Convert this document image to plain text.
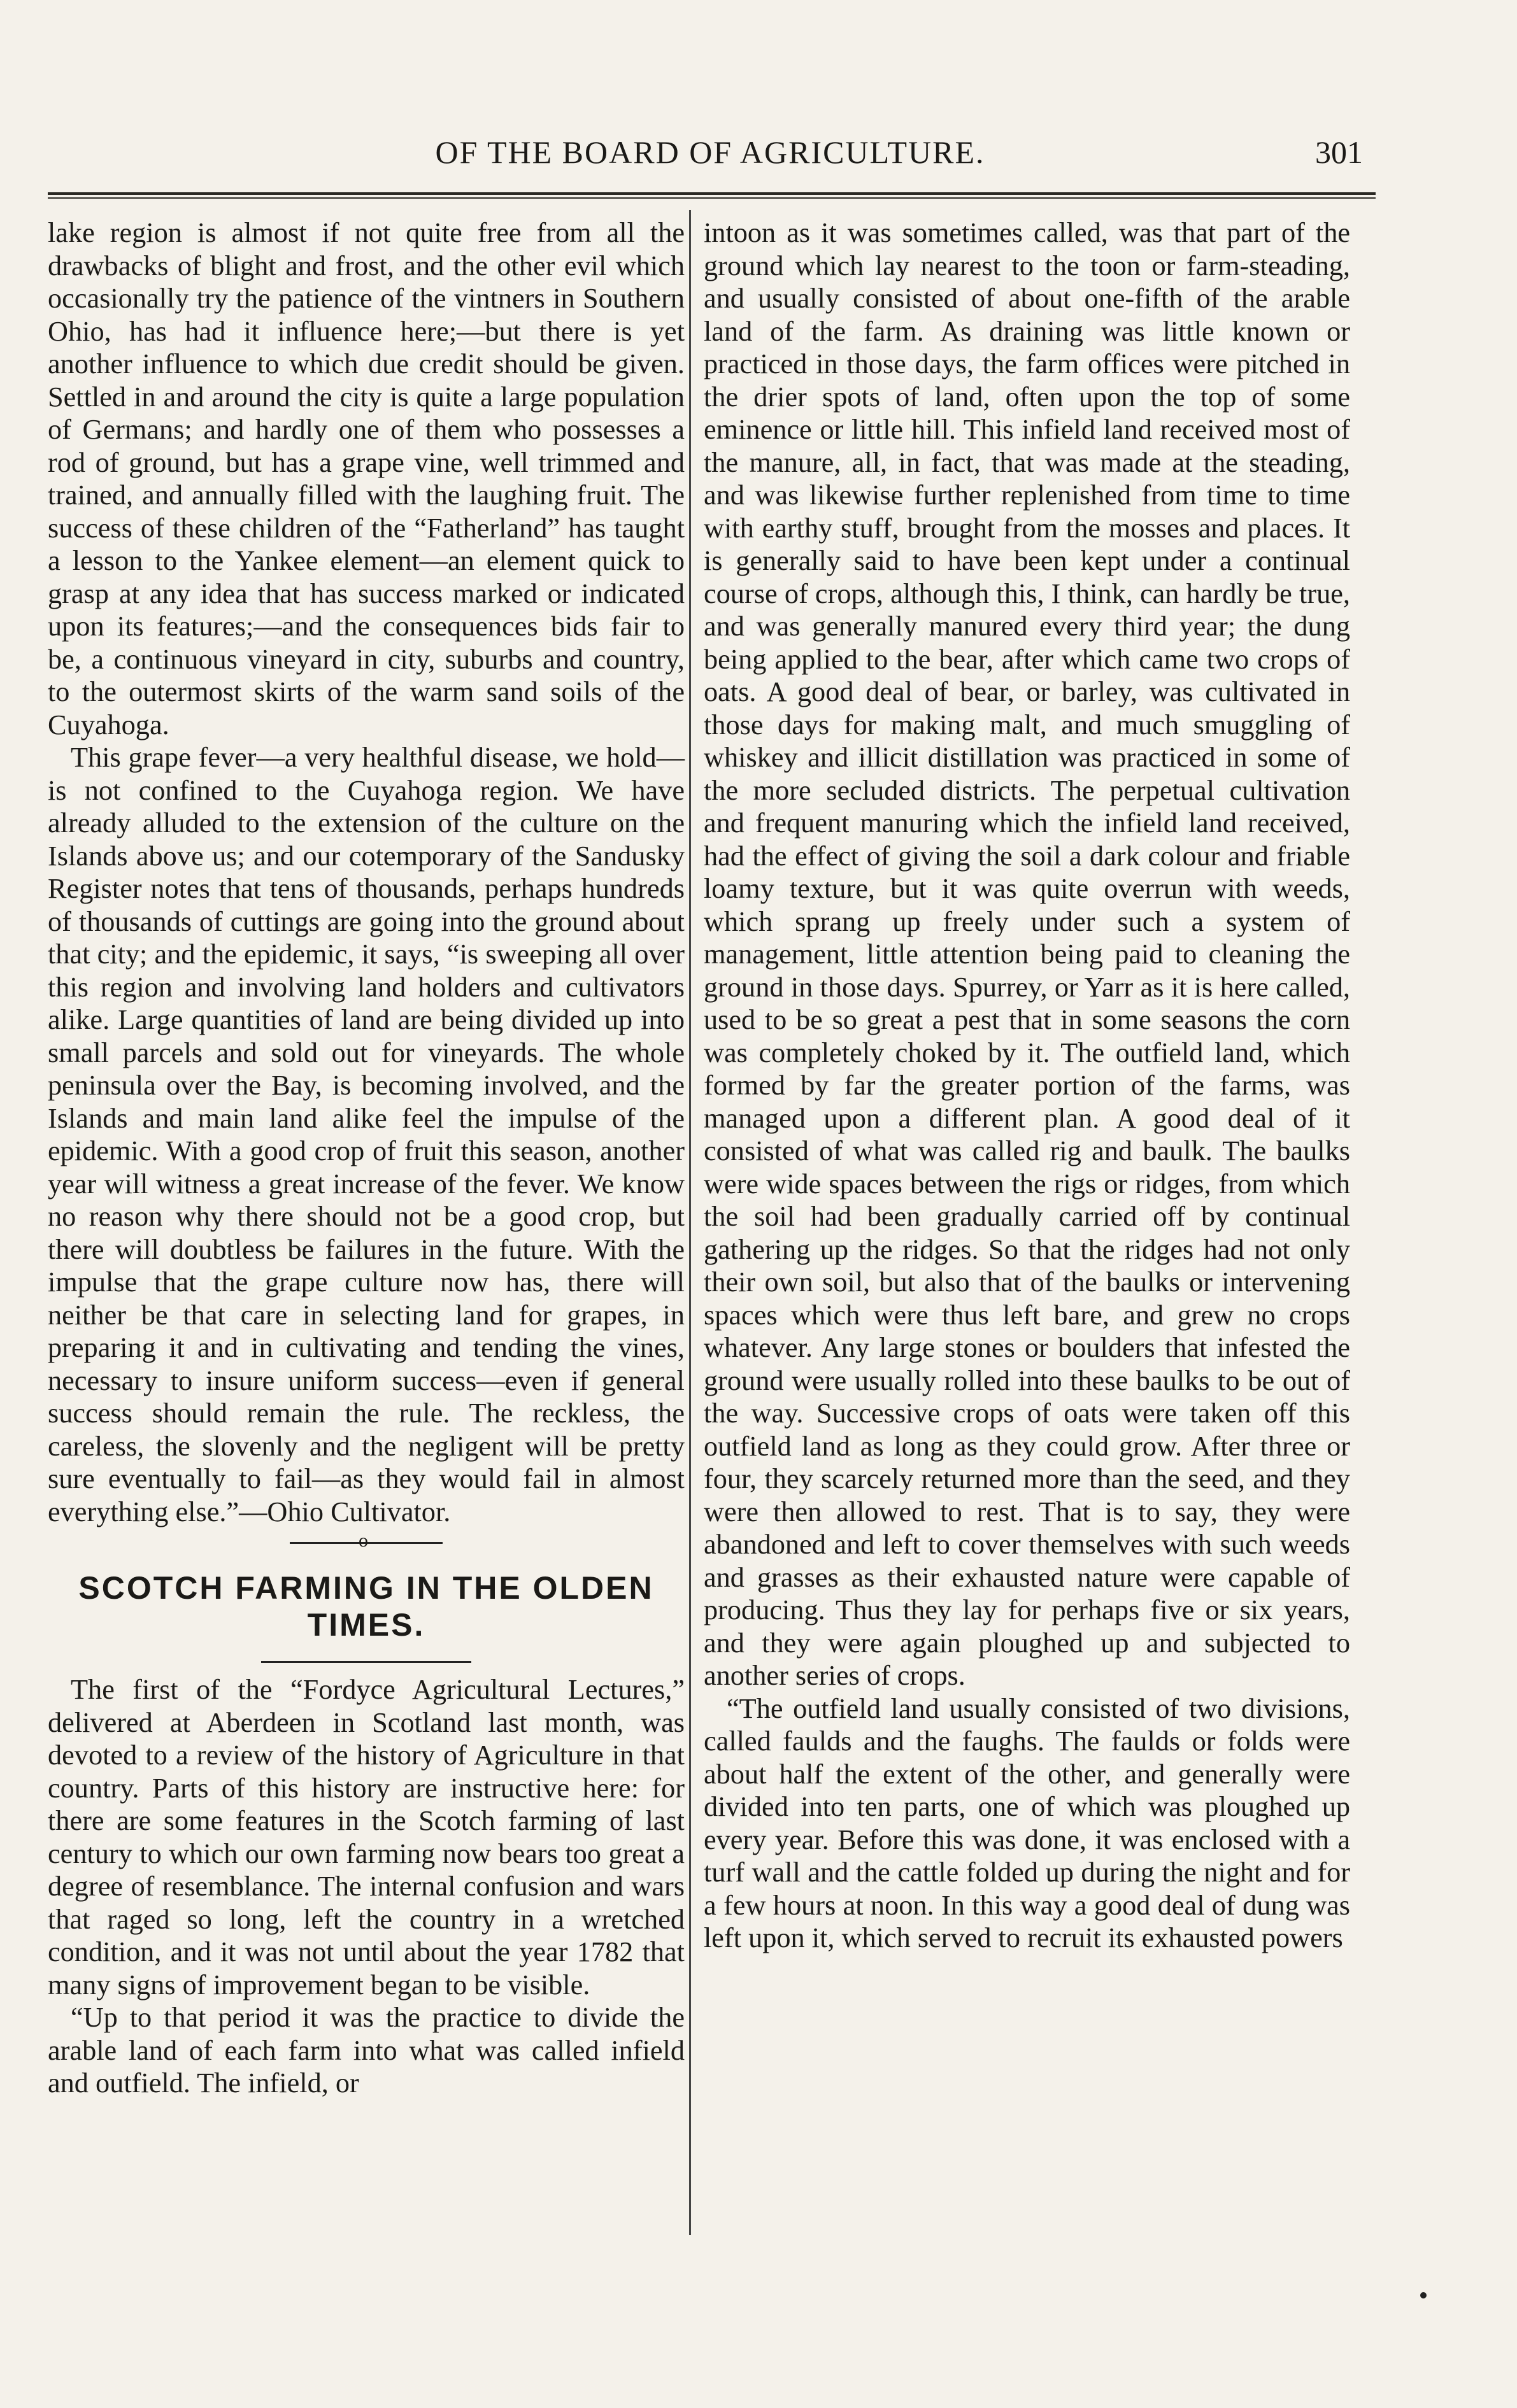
OF THE BOARD OF AGRICULTURE.	301

lake region is almost if not quite free from all the drawbacks of blight and frost, and the other evil which occasionally try the patience of the vintners in Southern Ohio, has had it influence here;—but there is yet another influence to which due credit should be given. Settled in and around the city is quite a large population of Germans; and hardly one of them who possesses a rod of ground, but has a grape vine, well trimmed and trained, and annually filled with the laughing fruit. The success of these children of the “Fatherland” has taught a lesson to the Yankee element—an element quick to grasp at any idea that has success marked or indicated upon its features;—and the consequences bids fair to be, a continuous vineyard in city, suburbs and country, to the outermost skirts of the warm sand soils of the Cuyahoga.

This grape fever—a very healthful disease, we hold—is not confined to the Cuyahoga region. We have already alluded to the extension of the culture on the Islands above us; and our cotemporary of the Sandusky Register notes that tens of thousands, perhaps hundreds of thousands of cuttings are going into the ground about that city; and the epidemic, it says, “is sweeping all over this region and involving land holders and cultivators alike. Large quantities of land are being divided up into small parcels and sold out for vineyards. The whole peninsula over the Bay, is becoming involved, and the Islands and main land alike feel the impulse of the epidemic. With a good crop of fruit this season, another year will witness a great increase of the fever. We know no reason why there should not be a good crop, but there will doubtless be failures in the future. With the impulse that the grape culture now has, there will neither be that care in selecting land for grapes, in preparing it and in cultivating and tending the vines, necessary to insure uniform success—even if general success should remain the rule. The reckless, the careless, the slovenly and the negligent will be pretty sure eventually to fail—as they would fail in almost everything else.”—Ohio Cultivator.

o
SCOTCH FARMING IN THE OLDEN
TIMES.

The first of the “Fordyce Agricultural Lectures,” delivered at Aberdeen in Scotland last month, was devoted to a review of the history of Agriculture in that country. Parts of this history are instructive here: for there are some features in the Scotch farming of last century to which our own farming now bears too great a degree of resemblance. The internal confusion and wars that raged so long, left the country in a wretched condition, and it was not until about the year 1782 that many signs of improvement began to be visible.

“Up to that period it was the practice to divide the arable land of each farm into what was called infield and outfield. The infield, or

intoon as it was sometimes called, was that part of the ground which lay nearest to the toon or farm-steading, and usually consisted of about one-fifth of the arable land of the farm. As draining was little known or practiced in those days, the farm offices were pitched in the drier spots of land, often upon the top of some eminence or little hill. This infield land received most of the manure, all, in fact, that was made at the steading, and was likewise further replenished from time to time with earthy stuff, brought from the mosses and places. It is generally said to have been kept under a continual course of crops, although this, I think, can hardly be true, and was generally manured every third year; the dung being applied to the bear, after which came two crops of oats. A good deal of bear, or barley, was cultivated in those days for making malt, and much smuggling of whiskey and illicit distillation was practiced in some of the more secluded districts. The perpetual cultivation and frequent manuring which the infield land received, had the effect of giving the soil a dark colour and friable loamy texture, but it was quite overrun with weeds, which sprang up freely under such a system of management, little attention being paid to cleaning the ground in those days. Spurrey, or Yarr as it is here called, used to be so great a pest that in some seasons the corn was completely choked by it. The outfield land, which formed by far the greater portion of the farms, was managed upon a different plan. A good deal of it consisted of what was called rig and baulk. The baulks were wide spaces between the rigs or ridges, from which the soil had been gradually carried off by continual gathering up the ridges. So that the ridges had not only their own soil, but also that of the baulks or intervening spaces which were thus left bare, and grew no crops whatever. Any large stones or boulders that infested the ground were usually rolled into these baulks to be out of the way. Successive crops of oats were taken off this outfield land as long as they could grow. After three or four, they scarcely returned more than the seed, and they were then allowed to rest. That is to say, they were abandoned and left to cover themselves with such weeds and grasses as their exhausted nature were capable of producing. Thus they lay for perhaps five or six years, and they were again ploughed up and subjected to another series of crops.

“The outfield land usually consisted of two divisions, called faulds and the faughs. The faulds or folds were about half the extent of the other, and generally were divided into ten parts, one of which was ploughed up every year. Before this was done, it was enclosed with a turf wall and the cattle folded up during the night and for a few hours at noon. In this way a good deal of dung was left upon it, which served to recruit its exhausted powers
